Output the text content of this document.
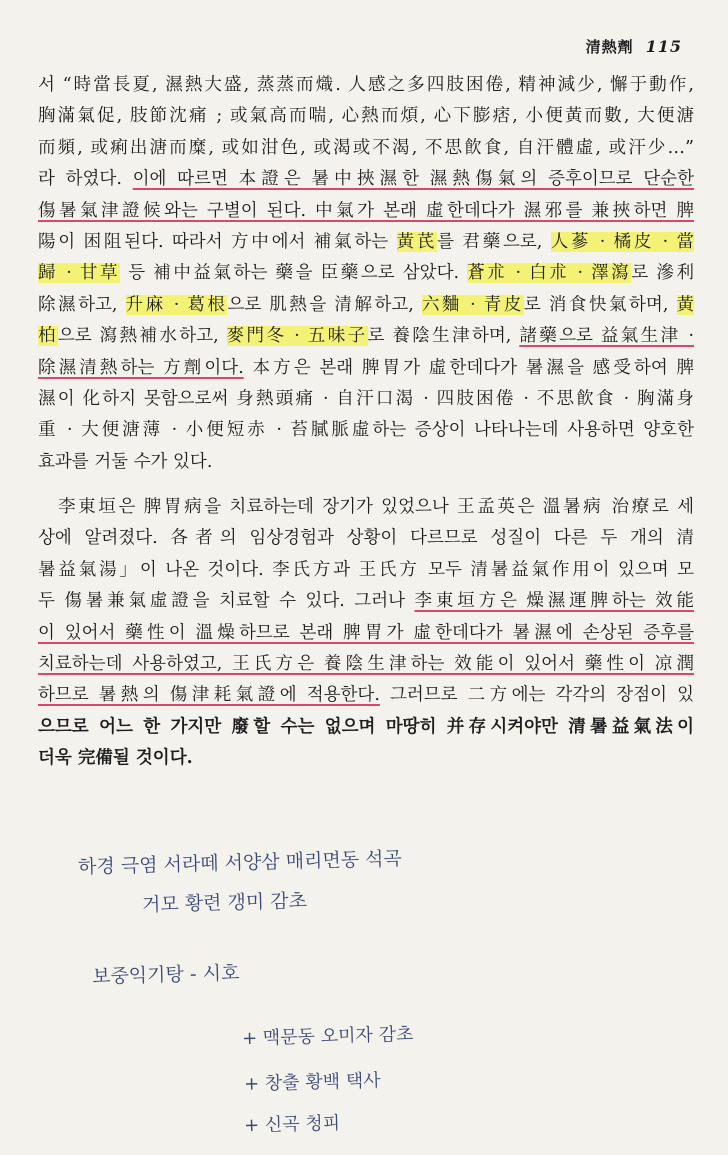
清熱劑 115
서 “時當長夏, 濕熱大盛, 蒸蒸而熾. 人感之多四肢困倦, 精神減少, 懈于動作,
胸滿氣促, 肢節沈痛 ; 或氣高而喘, 心熱而煩, 心下膨痞, 小便黃而數, 大便溏
而頻, 或痢出溏而糜, 或如泔色, 或渴或不渴, 不思飮食, 自汗體虛, 或汗少…”
라 하였다. 이에 따르면 本證은 暑中挾濕한 濕熱傷氣의 증후이므로 단순한
傷暑氣津證候와는 구별이 된다. 中氣가 본래 虛한데다가 濕邪를 兼挾하면 脾
陽이 困阻된다. 따라서 方中에서 補氣하는 黃芪를 君藥으로, 人蔘 · 橘皮 · 當
歸 · 甘草 등 補中益氣하는 藥을 臣藥으로 삼았다. 蒼朮 · 白朮 · 澤瀉로 滲利
除濕하고, 升麻 · 葛根으로 肌熱을 清解하고, 六麯 · 青皮로 消食快氣하며, 黃
柏으로 瀉熱補水하고, 麥門冬 · 五味子로 養陰生津하며, 諸藥으로 益氣生津 ·
除濕清熱하는 方劑이다. 本方은 본래 脾胃가 虛한데다가 暑濕을 感受하여 脾
濕이 化하지 못함으로써 身熱頭痛 · 自汗口渴 · 四肢困倦 · 不思飮食 · 胸滿身
重 · 大便溏薄 · 小便短赤 · 苔膩脈虛하는 증상이 나타나는데 사용하면 양호한
효과를 거둘 수가 있다.
李東垣은 脾胃病을 치료하는데 장기가 있었으나 王孟英은 溫暑病 治療로 세
상에 알려졌다. 各者의 임상경험과 상황이 다르므로 성질이 다른 두 개의 清
暑益氣湯」이 나온 것이다. 李氏方과 王氏方 모두 清暑益氣作用이 있으며 모
두 傷暑兼氣虛證을 치료할 수 있다. 그러나 李東垣方은 燥濕運脾하는 效能
이 있어서 藥性이 溫燥하므로 본래 脾胃가 虛한데다가 暑濕에 손상된 증후를
치료하는데 사용하였고, 王氏方은 養陰生津하는 效能이 있어서 藥性이 凉潤
하므로 暑熱의 傷津耗氣證에 적용한다. 그러므로 二方에는 각각의 장점이 있
으므로 어느 한 가지만 廢할 수는 없으며 마땅히 并存시켜야만 清暑益氣法이
더욱 完備될 것이다.
하경 극염 서라떼 서양삼 매리면동 석곡
거모 황련 갱미 감초
보중익기탕 - 시호
+ 맥문동 오미자 감초
+ 창출 황백 택사
+ 신곡 청피
